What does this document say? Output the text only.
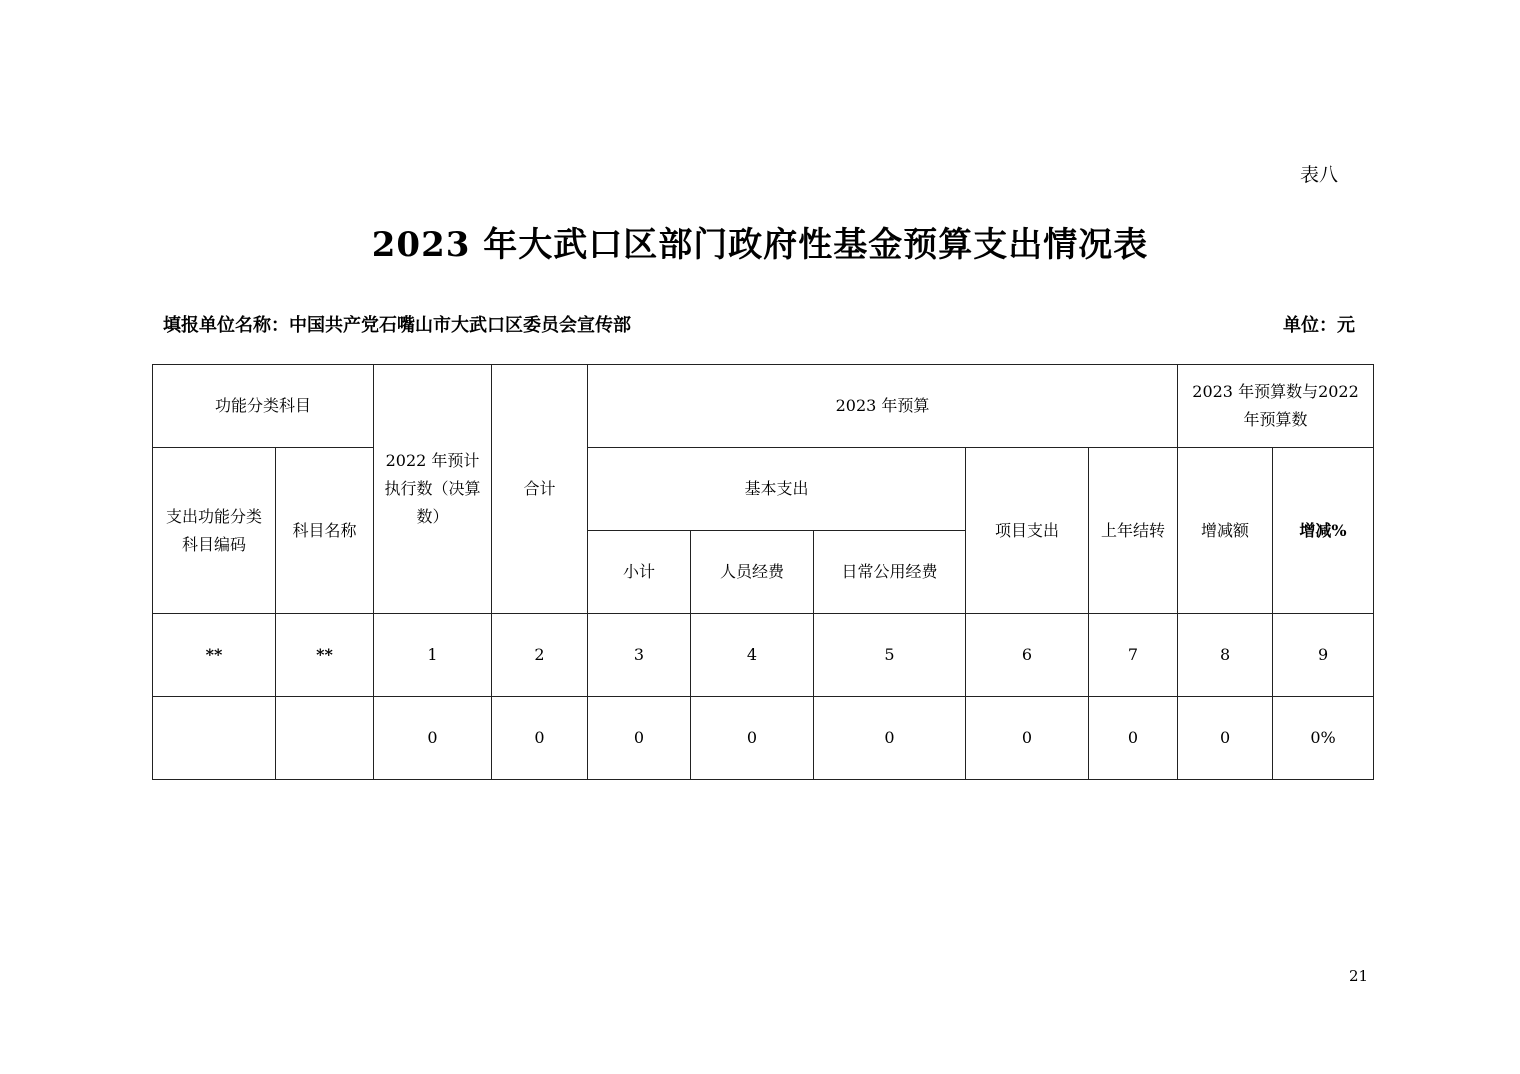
表八
2023 年大武口区部门政府性基金预算支出情况表
填报单位名称：中国共产党石嘴山市大武口区委员会宣传部	单位：元
功能分类科目		2022 年预计执行数（决算数）	合计	2023 年预算					2023 年预算数与2022 年预算数	
支出功能分类科目编码	科目名称			基本支出			项目支出	上年结转	增减额	增减%
				小计	人员经费	日常公用经费				
**	**	1	2	3	4	5	6	7	8	9
		0	0	0	0	0	0	0	0	0%
21
